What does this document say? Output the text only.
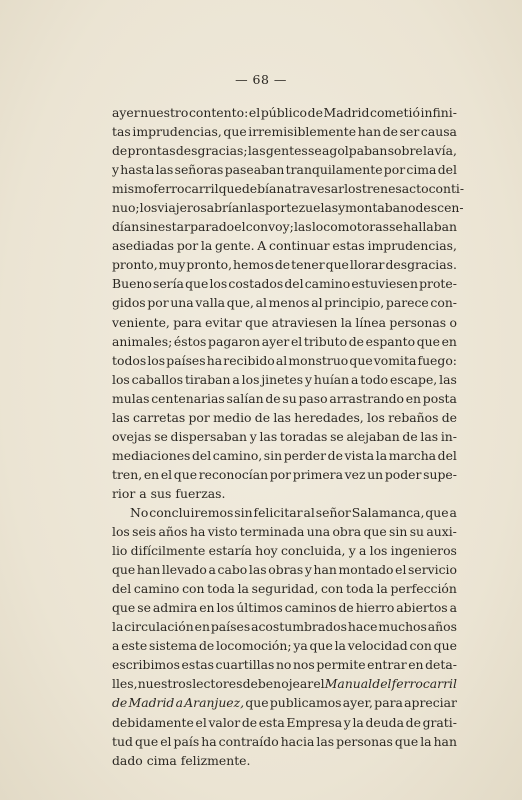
— 68 —
ayer nuestro contento: el público de Madrid cometió infini-
tas imprudencias, que irremisiblemente han de ser causa
de prontas desgracias; las gentes se agolpaban sobre la vía,
y hasta las señoras paseaban tranquilamente por cima del
mismo ferrocarril que debían atravesar los trenes acto conti-
nuo; los viajeros abrían las portezuelas y montaban o descen-
dían sin estar parado el convoy; las locomotoras se hallaban
asediadas por la gente. A continuar estas imprudencias,
pronto, muy pronto, hemos de tener que llorar desgracias.
Bueno sería que los costados del camino estuviesen prote-
gidos por una valla que, al menos al principio, parece con-
veniente, para evitar que atraviesen la línea personas o
animales; éstos pagaron ayer el tributo de espanto que en
todos los países ha recibido al monstruo que vomita fuego:
los caballos tiraban a los jinetes y huían a todo escape, las
mulas centenarias salían de su paso arrastrando en posta
las carretas por medio de las heredades, los rebaños de
ovejas se dispersaban y las toradas se alejaban de las in-
mediaciones del camino, sin perder de vista la marcha del
tren, en el que reconocían por primera vez un poder supe-
rior a sus fuerzas.
No concluiremos sin felicitar al señor Salamanca, que a
los seis años ha visto terminada una obra que sin su auxi-
lio difícilmente estaría hoy concluida, y a los ingenieros
que han llevado a cabo las obras y han montado el servicio
del camino con toda la seguridad, con toda la perfección
que se admira en los últimos caminos de hierro abiertos a
la circulación en países acostumbrados hace muchos años
a este sistema de locomoción; ya que la velocidad con que
escribimos estas cuartillas no nos permite entrar en deta-
lles, nuestros lectores deben ojear el Manual del ferrocarril
de Madrid a Aranjuez, que publicamos ayer, para apreciar
debidamente el valor de esta Empresa y la deuda de grati-
tud que el país ha contraído hacia las personas que la han
dado cima felizmente.
